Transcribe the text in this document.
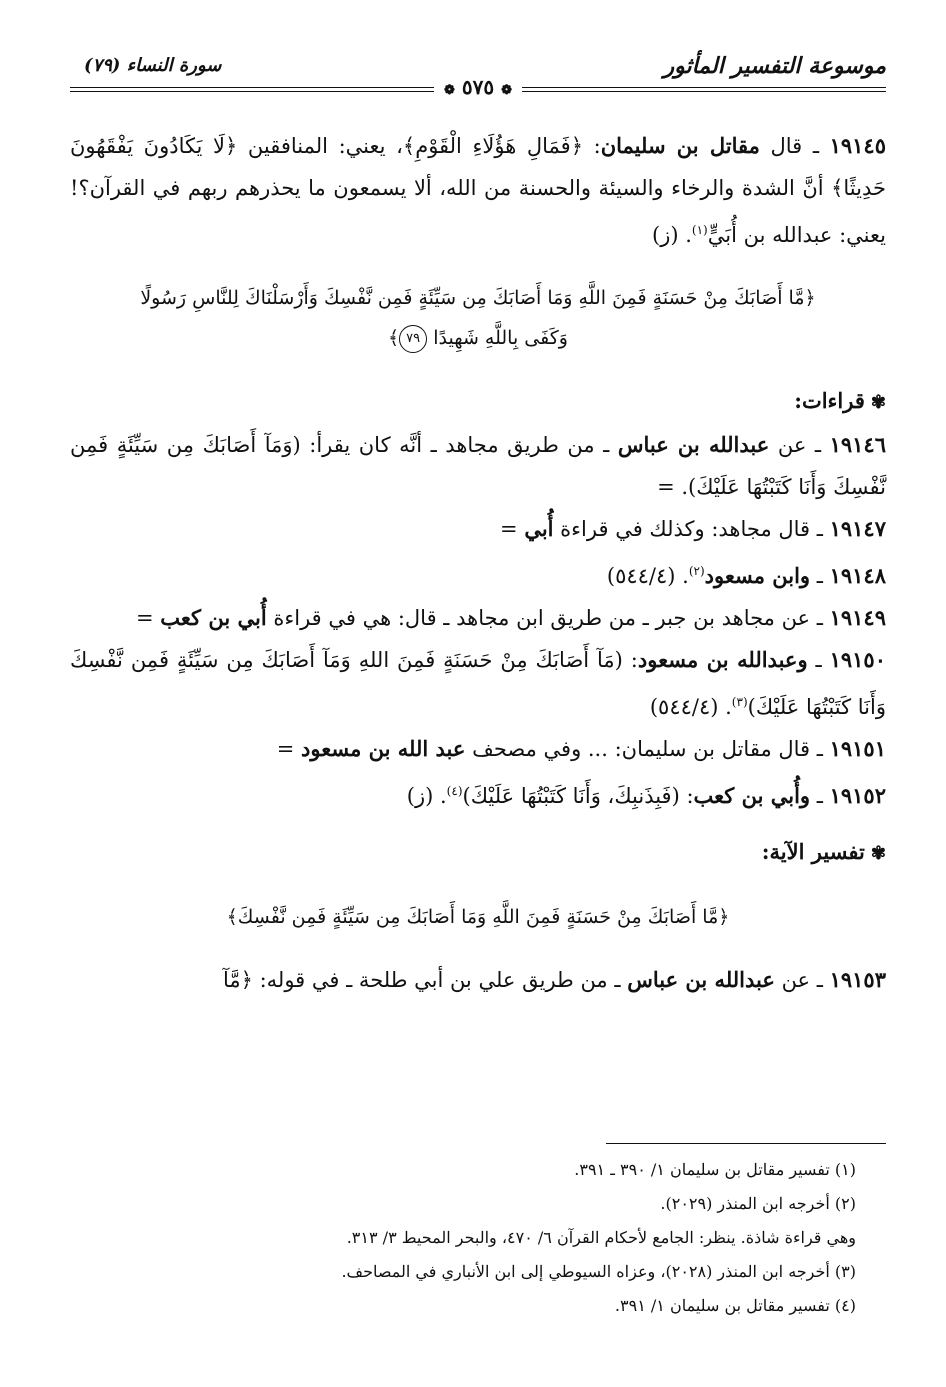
موسوعة التفسير المأثور
سورة النساء (٧٩)
❁ ٥٧٥ ❁

١٩١٤٥ ـ قال مقاتل بن سليمان: ﴿فَمَالِ هَؤُلَاءِ الْقَوْمِ﴾، يعني: المنافقين ﴿لَا يَكَادُونَ يَفْقَهُونَ حَدِيثًا﴾ أنَّ الشدة والرخاء والسيئة والحسنة من الله، ألا يسمعون ما يحذرهم ربهم في القرآن؟! يعني: عبدالله بن أُبَيٍّ$^{(١)}$. (ز)

﴿مَّا أَصَابَكَ مِنْ حَسَنَةٍ فَمِنَ اللَّهِ وَمَا أَصَابَكَ مِن سَيِّئَةٍ فَمِن نَّفْسِكَ وَأَرْسَلْنَاكَ لِلنَّاسِ رَسُولًا
وَكَفَى بِاللَّهِ شَهِيدًا ٧٩﴾

✾قراءات:

١٩١٤٦ ـ عن عبدالله بن عباس ـ من طريق مجاهد ـ أنَّه كان يقرأ: (وَمَآ أَصَابَكَ مِن سَيِّئَةٍ فَمِن نَّفْسِكَ وَأَنَا كَتَبْتُهَا عَلَيْكَ). =

١٩١٤٧ ـ قال مجاهد: وكذلك في قراءة أُبي =

١٩١٤٨ ـ وابن مسعود$^{(٢)}$. (٥٤٤/٤)

١٩١٤٩ ـ عن مجاهد بن جبر ـ من طريق ابن مجاهد ـ قال: هي في قراءة أُبي بن كعب =

١٩١٥٠ ـ وعبدالله بن مسعود: (مَآ أَصَابَكَ مِنْ حَسَنَةٍ فَمِنَ اللهِ وَمَآ أَصَابَكَ مِن سَيِّئَةٍ فَمِن نَّفْسِكَ وَأَنَا كَتَبْتُهَا عَلَيْكَ)$^{(٣)}$. (٥٤٤/٤)

١٩١٥١ ـ قال مقاتل بن سليمان: ... وفي مصحف عبد الله بن مسعود =

١٩١٥٢ ـ وأُبي بن كعب: (فَبِذَنبِكَ، وَأَنَا كَتَبْتُهَا عَلَيْكَ)$^{(٤)}$. (ز)

✾تفسير الآية:

﴿مَّا أَصَابَكَ مِنْ حَسَنَةٍ فَمِنَ اللَّهِ وَمَا أَصَابَكَ مِن سَيِّئَةٍ فَمِن نَّفْسِكَ﴾

١٩١٥٣ ـ عن عبدالله بن عباس ـ من طريق علي بن أبي طلحة ـ في قوله: ﴿مَّآ

(١) تفسير مقاتل بن سليمان ١/ ٣٩٠ ـ ٣٩١.
(٢) أخرجه ابن المنذر (٢٠٢٩).
وهي قراءة شاذة. ينظر: الجامع لأحكام القرآن ٦/ ٤٧٠، والبحر المحيط ٣/ ٣١٣.
(٣) أخرجه ابن المنذر (٢٠٢٨)، وعزاه السيوطي إلى ابن الأنباري في المصاحف.
(٤) تفسير مقاتل بن سليمان ١/ ٣٩١.
